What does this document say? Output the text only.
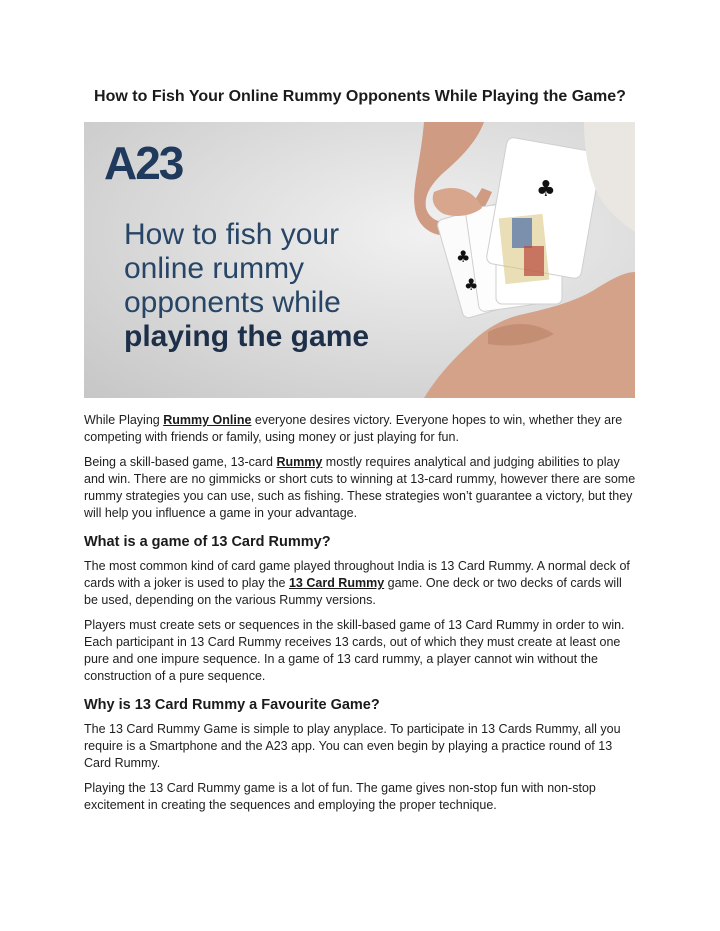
How to Fish Your Online Rummy Opponents While Playing the Game?
♣
♣
♣
A23
How to fish your
online rummy
opponents while
playing the game

While Playing Rummy Online everyone desires victory. Everyone hopes to win, whether they are competing with friends or family, using money or just playing for fun.

Being a skill-based game, 13-card Rummy mostly requires analytical and judging abilities to play and win. There are no gimmicks or short cuts to winning at 13-card rummy, however there are some rummy strategies you can use, such as fishing. These strategies won’t guarantee a victory, but they will help you influence a game in your advantage.

What is a game of 13 Card Rummy?

The most common kind of card game played throughout India is 13 Card Rummy. A normal deck of cards with a joker is used to play the 13 Card Rummy game. One deck or two decks of cards will be used, depending on the various Rummy versions.

Players must create sets or sequences in the skill-based game of 13 Card Rummy in order to win. Each participant in 13 Card Rummy receives 13 cards, out of which they must create at least one pure and one impure sequence. In a game of 13 card rummy, a player cannot win without the construction of a pure sequence.

Why is 13 Card Rummy a Favourite Game?

The 13 Card Rummy Game is simple to play anyplace. To participate in 13 Cards Rummy, all you require is a Smartphone and the A23 app. You can even begin by playing a practice round of 13 Card Rummy.

Playing the 13 Card Rummy game is a lot of fun. The game gives non-stop fun with non-stop excitement in creating the sequences and employing the proper technique.
